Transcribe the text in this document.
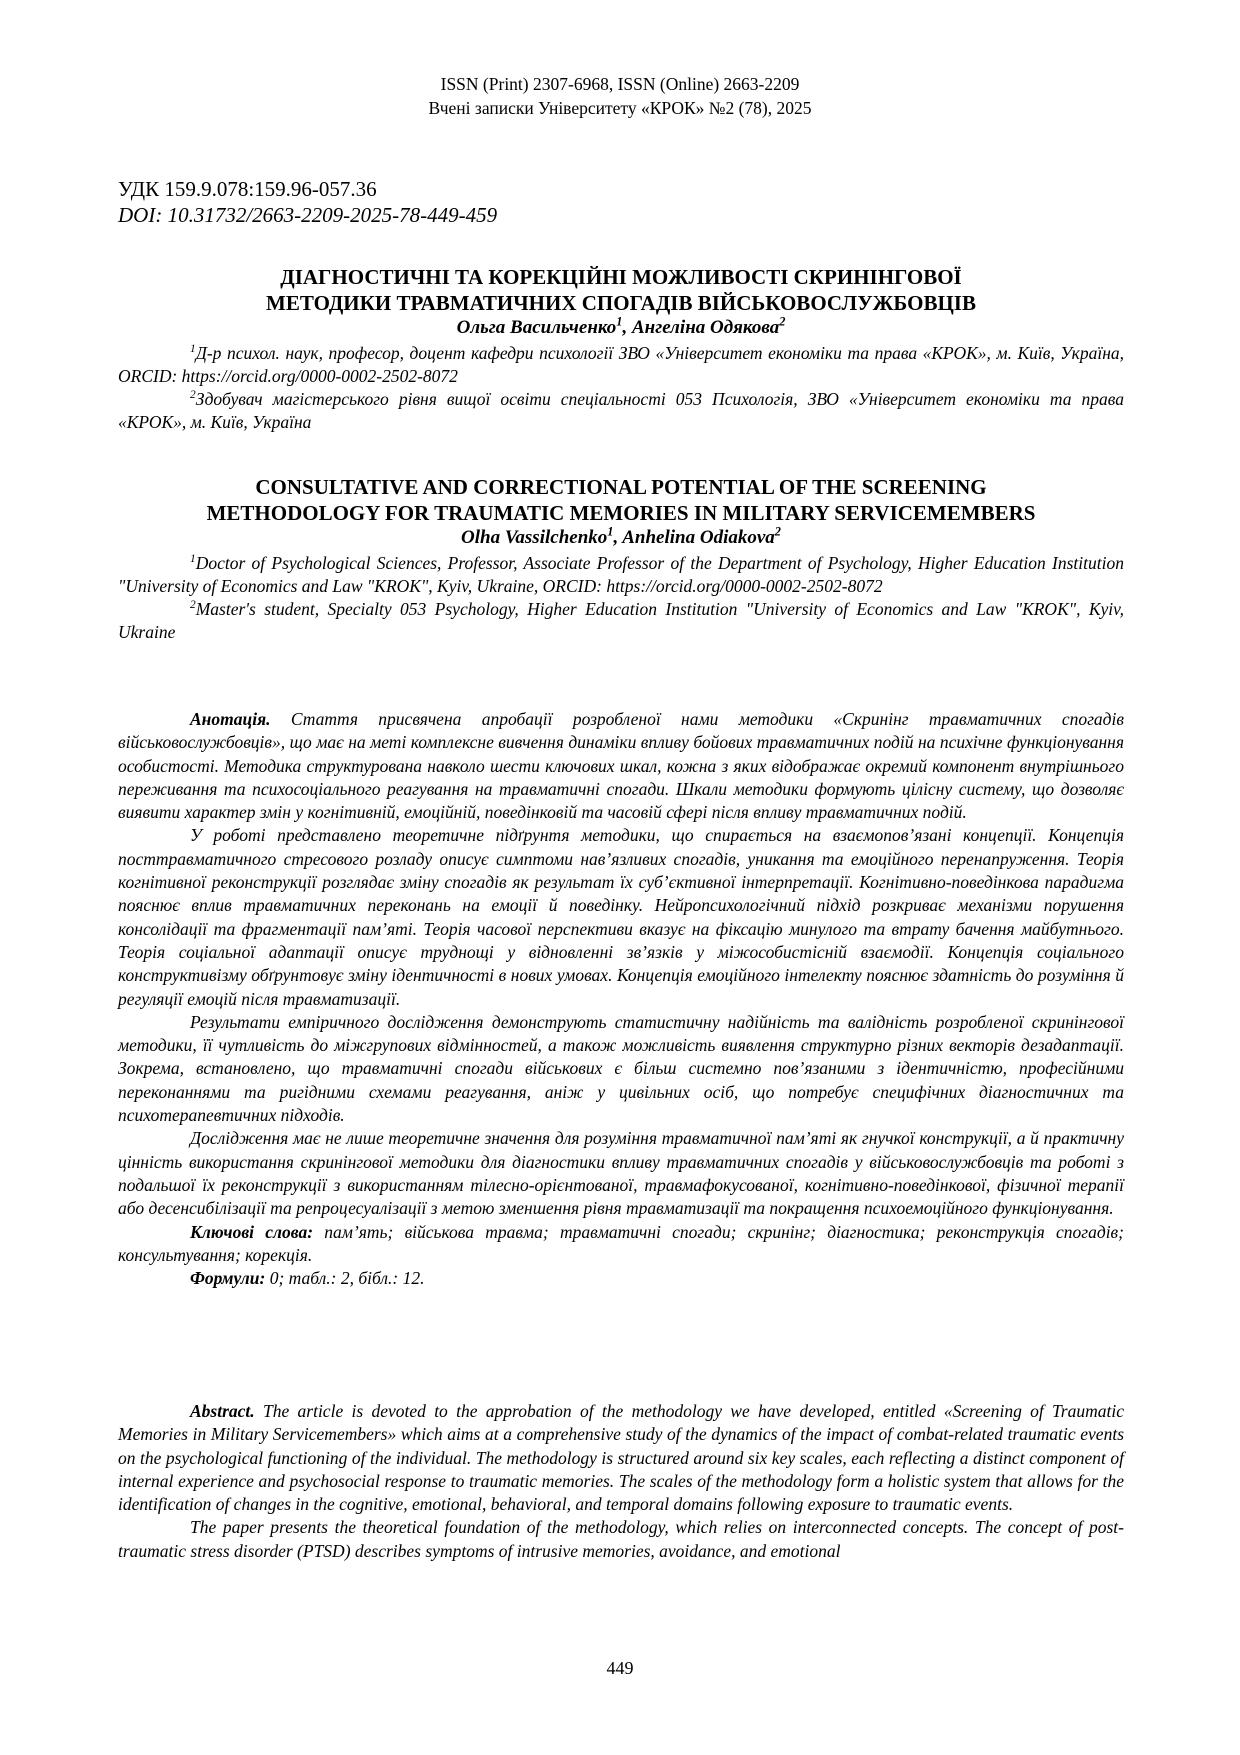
ISSN (Print) 2307-6968, ISSN (Online) 2663-2209
Вчені записки Університету «КРОК» №2 (78), 2025
УДК 159.9.078:159.96-057.36
DOI: 10.31732/2663-2209-2025-78-449-459
ДІАГНОСТИЧНІ ТА КОРЕКЦІЙНІ МОЖЛИВОСТІ СКРИНІНГОВОЇ
МЕТОДИКИ ТРАВМАТИЧНИХ СПОГАДІВ ВІЙСЬКОВОСЛУЖБОВЦІВ
Ольга Васильченко$^1$, Ангеліна Одякова$^2$

$^1$Д-р психол. наук, професор, доцент кафедри психології ЗВО «Університет економіки та права «КРОК», м. Київ, Україна, ORCID: https://orcid.org/0000-0002-2502-8072

$^2$Здобувач магістерського рівня вищої освіти спеціальності 053 Психологія, ЗВО «Університет економіки та права «КРОК», м. Київ, Україна

CONSULTATIVE AND CORRECTIONAL POTENTIAL OF THE SCREENING
METHODOLOGY FOR TRAUMATIC MEMORIES IN MILITARY SERVICEMEMBERS
Olha Vassilchenko$^1$, Anhelina Odiakova$^2$

$^1$Doctor of Psychological Sciences, Professor, Associate Professor of the Department of Psychology, Higher Education Institution "University of Economics and Law "KROK", Kyiv, Ukraine, ORCID: https://orcid.org/0000-0002-2502-8072

$^2$Master's student, Specialty 053 Psychology, Higher Education Institution "University of Economics and Law "KROK", Kyiv, Ukraine

Анотація. Стаття присвячена апробації розробленої нами методики «Скринінг травматичних спогадів військовослужбовців», що має на меті комплексне вивчення динаміки впливу бойових травматичних подій на психічне функціонування особистості. Методика структурована навколо шести ключових шкал, кожна з яких відображає окремий компонент внутрішнього переживання та психосоціального реагування на травматичні спогади. Шкали методики формують цілісну систему, що дозволяє виявити характер змін у когнітивній, емоційній, поведінковій та часовій сфері після впливу травматичних подій.

У роботі представлено теоретичне підґрунтя методики, що спирається на взаємопов’язані концепції. Концепція посттравматичного стресового розладу описує симптоми нав’язливих спогадів, уникання та емоційного перенапруження. Теорія когнітивної реконструкції розглядає зміну спогадів як результат їх суб’єктивної інтерпретації. Когнітивно-поведінкова парадигма пояснює вплив травматичних переконань на емоції й поведінку. Нейропсихологічний підхід розкриває механізми порушення консолідації та фрагментації пам’яті. Теорія часової перспективи вказує на фіксацію минулого та втрату бачення майбутнього. Теорія соціальної адаптації описує труднощі у відновленні зв’язків у міжособистісній взаємодії. Концепція соціального конструктивізму обґрунтовує зміну ідентичності в нових умовах. Концепція емоційного інтелекту пояснює здатність до розуміння й регуляції емоцій після травматизації.

Результати емпіричного дослідження демонструють статистичну надійність та валідність розробленої скринінгової методики, її чутливість до міжгрупових відмінностей, а також можливість виявлення структурно різних векторів дезадаптації. Зокрема, встановлено, що травматичні спогади військових є більш системно пов’язаними з ідентичністю, професійними переконаннями та ригідними схемами реагування, аніж у цивільних осіб, що потребує специфічних діагностичних та психотерапевтичних підходів.

Дослідження має не лише теоретичне значення для розуміння травматичної пам’яті як гнучкої конструкції, а й практичну цінність використання скринінгової методики для діагностики впливу травматичних спогадів у військовослужбовців та роботі з подальшої їх реконструкції з використанням тілесно-орієнтованої, травмафокусованої, когнітивно-поведінкової, фізичної терапії або десенсибілізації та репроцесуалізації з метою зменшення рівня травматизації та покращення психоемоційного функціонування.

Ключові слова: пам’ять; військова травма; травматичні спогади; скринінг; діагностика; реконструкція спогадів; консультування; корекція.

Формули: 0; табл.: 2, бібл.: 12.

Abstract. The article is devoted to the approbation of the methodology we have developed, entitled «Screening of Traumatic Memories in Military Servicemembers» which aims at a comprehensive study of the dynamics of the impact of combat-related traumatic events on the psychological functioning of the individual. The methodology is structured around six key scales, each reflecting a distinct component of internal experience and psychosocial response to traumatic memories. The scales of the methodology form a holistic system that allows for the identification of changes in the cognitive, emotional, behavioral, and temporal domains following exposure to traumatic events.

The paper presents the theoretical foundation of the methodology, which relies on interconnected concepts. The concept of post-traumatic stress disorder (PTSD) describes symptoms of intrusive memories, avoidance, and emotional

449
